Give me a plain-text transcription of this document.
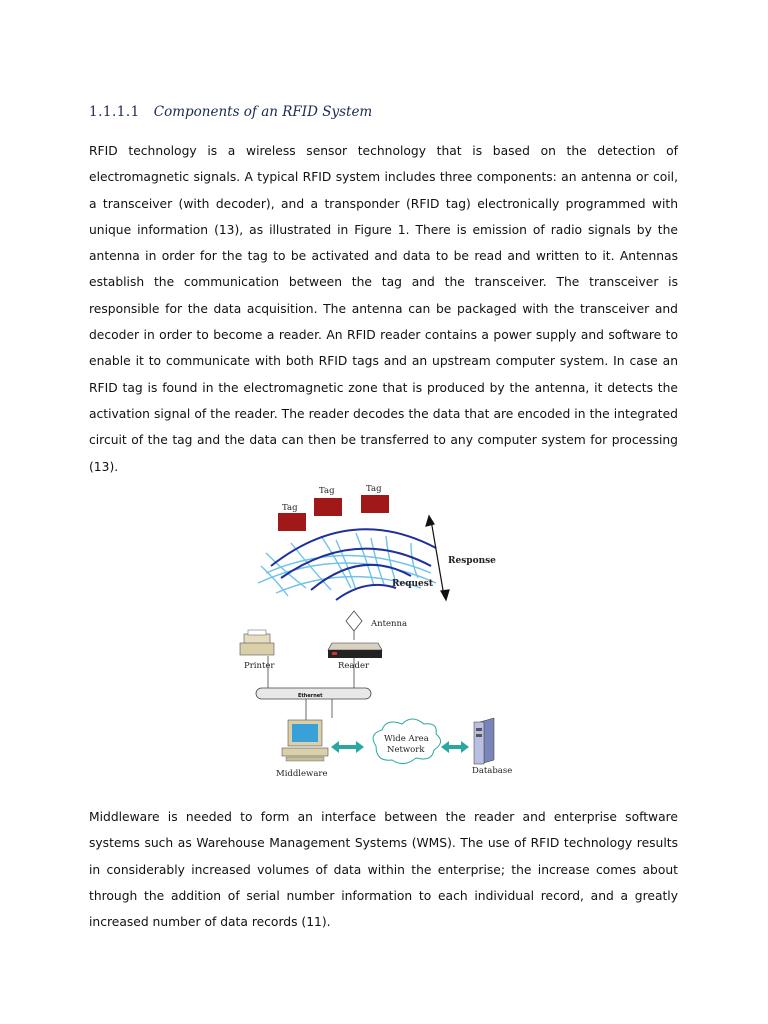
1.1.1.1 Components of an RFID System

RFID technology is a wireless sensor technology that is based on the detection of electromagnetic signals. A typical RFID system includes three components: an antenna or coil, a transceiver (with decoder), and a transponder (RFID tag) electronically programmed with unique information (13), as illustrated in Figure 1. There is emission of radio signals by the antenna in order for the tag to be activated and data to be read and written to it. Antennas establish the communication between the tag and the transceiver. The transceiver is responsible for the data acquisition. The antenna can be packaged with the transceiver and decoder in order to become a reader. An RFID reader contains a power supply and software to enable it to communicate with both RFID tags and an upstream computer system. In case an RFID tag is found in the electromagnetic zone that is produced by the antenna, it detects the activation signal of the reader. The reader decodes the data that are encoded in the integrated circuit of the tag and the data can then be transferred to any computer system for processing (13).

Tag
Tag	Tag
Response
Request
Antenna
Reader
Printer
Ethernet
Middleware
Wide Area
Network
Database

Middleware is needed to form an interface between the reader and enterprise software systems such as Warehouse Management Systems (WMS). The use of RFID technology results in considerably increased volumes of data within the enterprise; the increase comes about through the addition of serial number information to each individual record, and a greatly increased number of data records (11).
